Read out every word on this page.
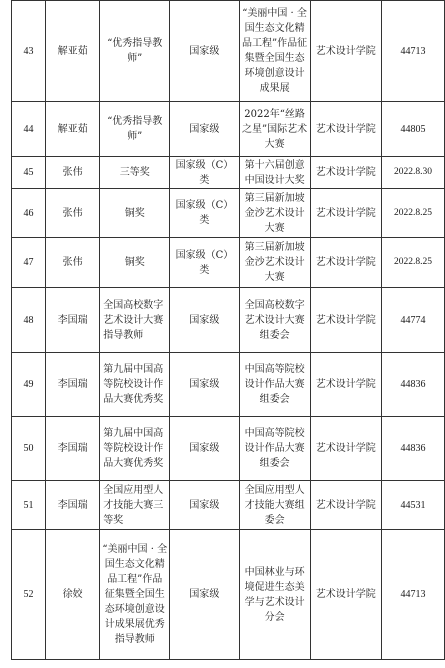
43	解亚茹	“优秀指导教师”	国家级	“美丽中国 · 全国生态文化精品工程”作品征集暨全国生态环境创意设计成果展	艺术设计学院	44713
44	解亚茹	“优秀指导教师”	国家级	2022年“丝路之星”国际艺术大赛	艺术设计学院	44805
45	张伟	三等奖	国家级（C）类	第十六届创意中国设计大奖	艺术设计学院	2022.8.30
46	张伟	铜奖	国家级（C）类	第三届新加坡金沙艺术设计大赛	艺术设计学院	2022.8.25
47	张伟	铜奖	国家级（C）类	第三届新加坡金沙艺术设计大赛	艺术设计学院	2022.8.25
48	李国瑞	全国高校数字艺术设计大赛指导教师	国家级	全国高校数字艺术设计大赛组委会	艺术设计学院	44774
49	李国瑞	第九届中国高等院校设计作品大赛优秀奖	国家级	中国高等院校设计作品大赛组委会	艺术设计学院	44836
50	李国瑞	第九届中国高等院校设计作品大赛优秀奖	国家级	中国高等院校设计作品大赛组委会	艺术设计学院	44836
51	李国瑞	全国应用型人才技能大赛三等奖	国家级	全国应用型人才技能大赛组委会	艺术设计学院	44531
52	徐姣	“美丽中国 · 全国生态文化精品工程”作品征集暨全国生态环境创意设计成果展优秀指导教师	国家级	中国林业与环境促进生态美学与艺术设计分会	艺术设计学院	44713
